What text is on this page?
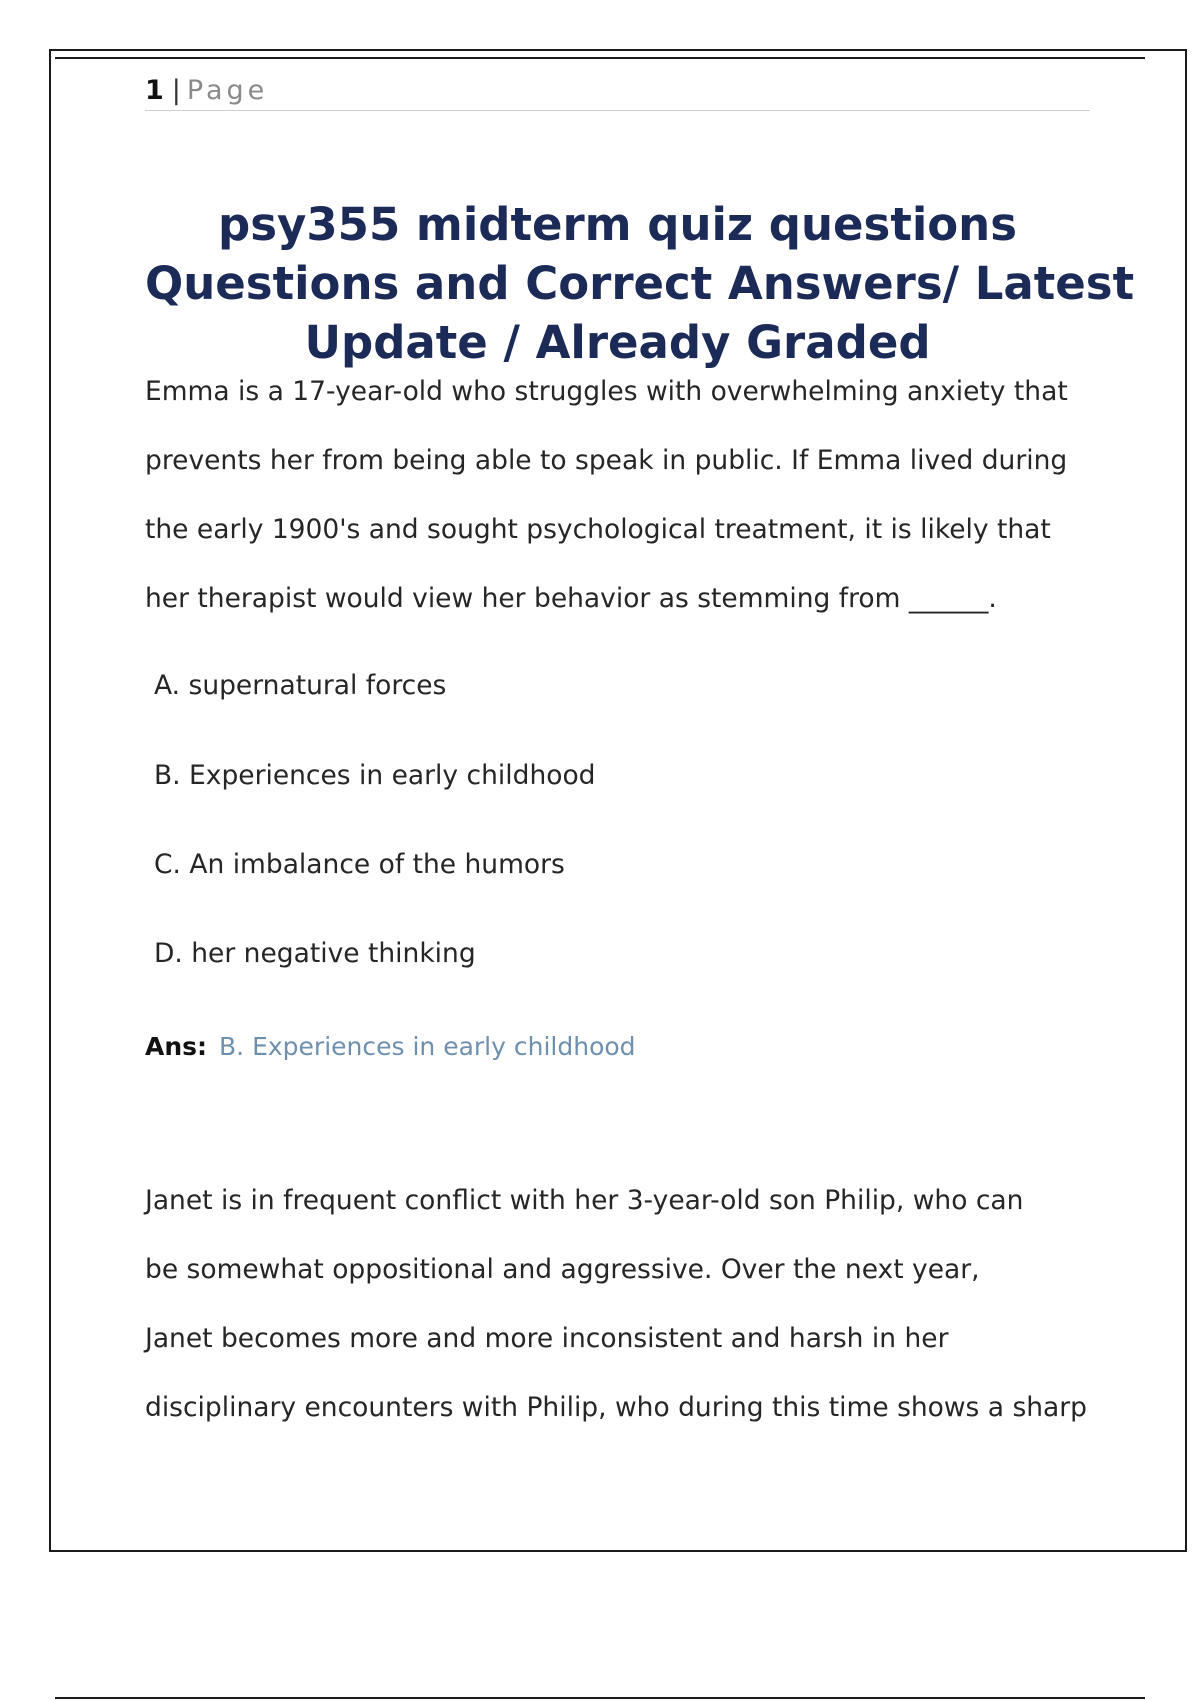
1 | Page
psy355 midterm quiz questions
Questions and Correct Answers/ Latest
Update / Already Graded
Emma is a 17-year-old who struggles with overwhelming anxiety that
prevents her from being able to speak in public. If Emma lived during
the early 1900's and sought psychological treatment, it is likely that
her therapist would view her behavior as stemming from ______.
A. supernatural forces
B. Experiences in early childhood
C. An imbalance of the humors
D. her negative thinking
Ans: B. Experiences in early childhood
Janet is in frequent conflict with her 3-year-old son Philip, who can
be somewhat oppositional and aggressive. Over the next year,
Janet becomes more and more inconsistent and harsh in her
disciplinary encounters with Philip, who during this time shows a sharp
